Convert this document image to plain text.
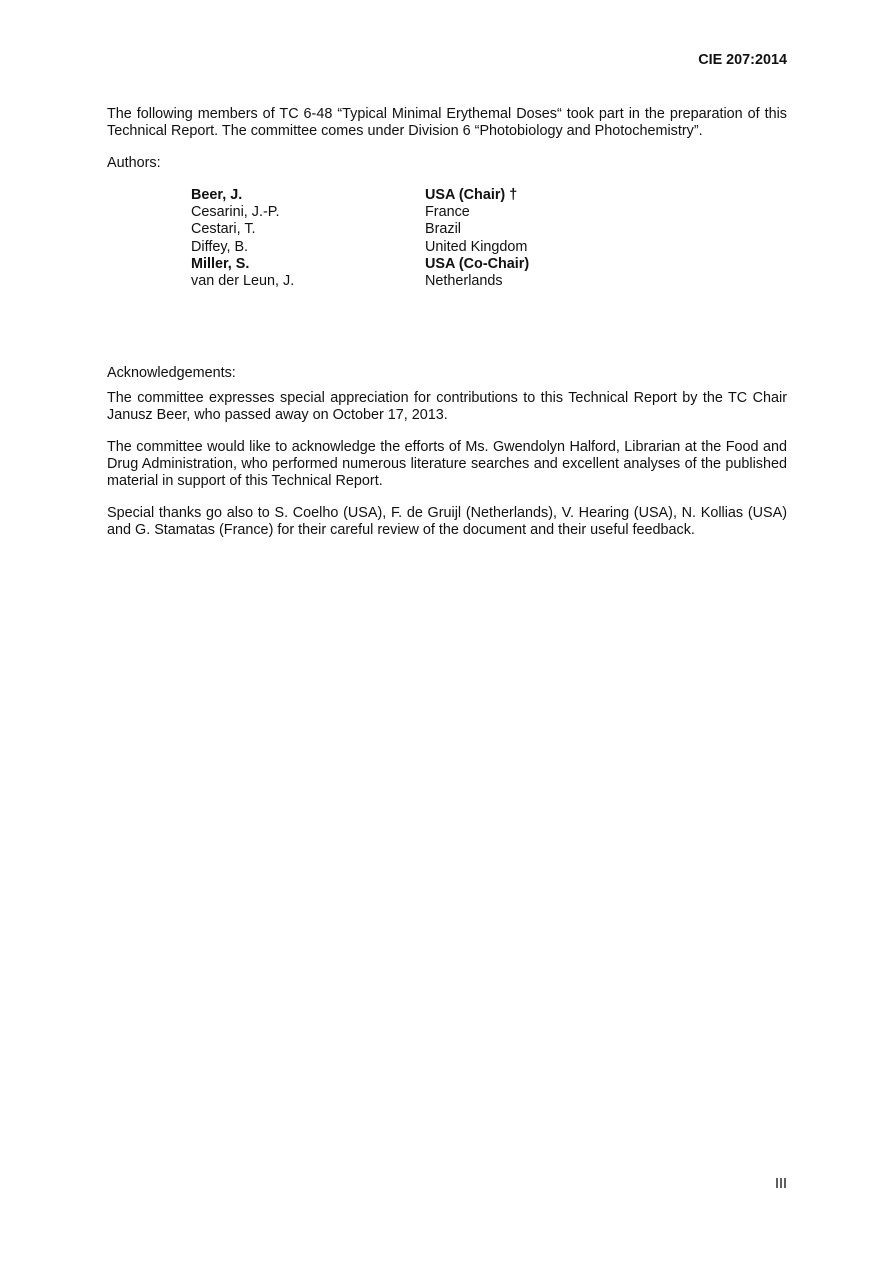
CIE 207:2014

The following members of TC 6-48 “Typical Minimal Erythemal Doses“ took part in the preparation of this Technical Report. The committee comes under Division 6 “Photobiology and Photochemistry”.

Authors:

Beer, J.	USA (Chair) †
Cesarini, J.-P.	France
Cestari, T.	Brazil
Diffey, B.	United Kingdom
Miller, S.	USA (Co-Chair)
van der Leun, J.	Netherlands

Acknowledgements:

The committee expresses special appreciation for contributions to this Technical Report by the TC Chair Janusz Beer, who passed away on October 17, 2013.

The committee would like to acknowledge the efforts of Ms. Gwendolyn Halford, Librarian at the Food and Drug Administration, who performed numerous literature searches and excellent analyses of the published material in support of this Technical Report.

Special thanks go also to S. Coelho (USA), F. de Gruijl (Netherlands), V. Hearing (USA), N. Kollias (USA) and G. Stamatas (France) for their careful review of the document and their useful feedback.

III
